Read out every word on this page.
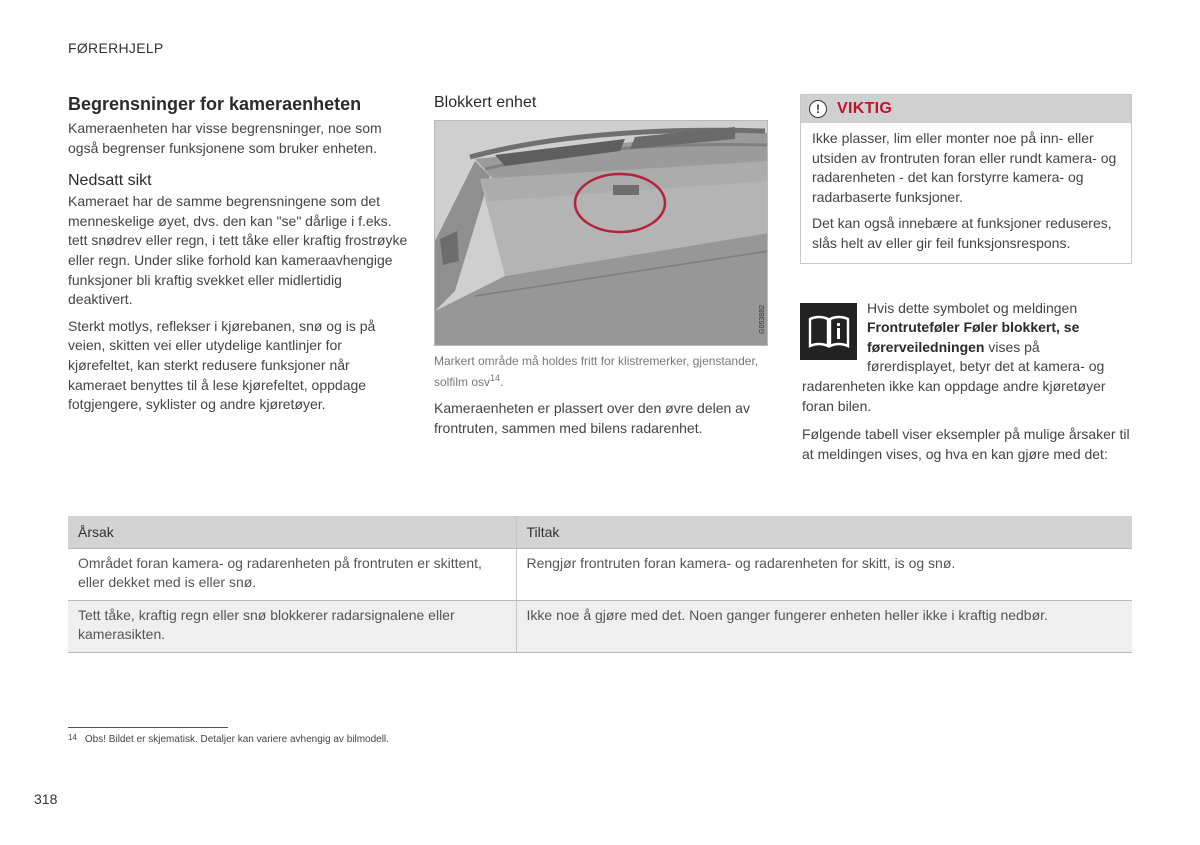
FØRERHJELP
Begrensninger for kameraenheten

Kameraenheten har visse begrensninger, noe som også begrenser funksjonene som bruker enheten.

Nedsatt sikt

Kameraet har de samme begrensningene som det menneskelige øyet, dvs. den kan "se" dårlige i f.eks. tett snødrev eller regn, i tett tåke eller kraftig frostrøyke eller regn. Under slike forhold kan kameraavhengige funksjoner bli kraftig svekket eller midlertidig deaktivert.

Sterkt motlys, reflekser i kjørebanen, snø og is på veien, skitten vei eller utydelige kantlinjer for kjørefeltet, kan sterkt redusere funksjoner når kameraet benyttes til å lese kjørefeltet, oppdage fotgjengere, syklister og andre kjøretøyer.

Blokkert enhet
G053882

Markert område må holdes fritt for klistremerker, gjenstander, solfilm osv$^{14}$.

Kameraenheten er plassert over den øvre delen av frontruten, sammen med bilens radarenhet.

!	VIKTIG

Ikke plasser, lim eller monter noe på inn- eller utsiden av frontruten foran eller rundt kamera- og radarenheten - det kan forstyrre kamera- og radarbaserte funksjoner.

Det kan også innebære at funksjoner reduseres, slås helt av eller gir feil funksjonsrespons.

Hvis dette symbolet og meldingen Frontruteføler Føler blokkert, se førerveiledningen vises på førerdisplayet, betyr det at kamera- og radarenheten ikke kan oppdage andre kjøretøyer foran bilen.

Følgende tabell viser eksempler på mulige årsaker til at meldingen vises, og hva en kan gjøre med det:

Årsak	Tiltak
Området foran kamera- og radarenheten på frontruten er skittent, eller dekket med is eller snø.	Rengjør frontruten foran kamera- og radarenheten for skitt, is og snø.
Tett tåke, kraftig regn eller snø blokkerer radarsignalene eller kamerasikten.	Ikke noe å gjøre med det. Noen ganger fungerer enheten heller ikke i kraftig nedbør.
$^{14}$ Obs! Bildet er skjematisk. Detaljer kan variere avhengig av bilmodell.
318
